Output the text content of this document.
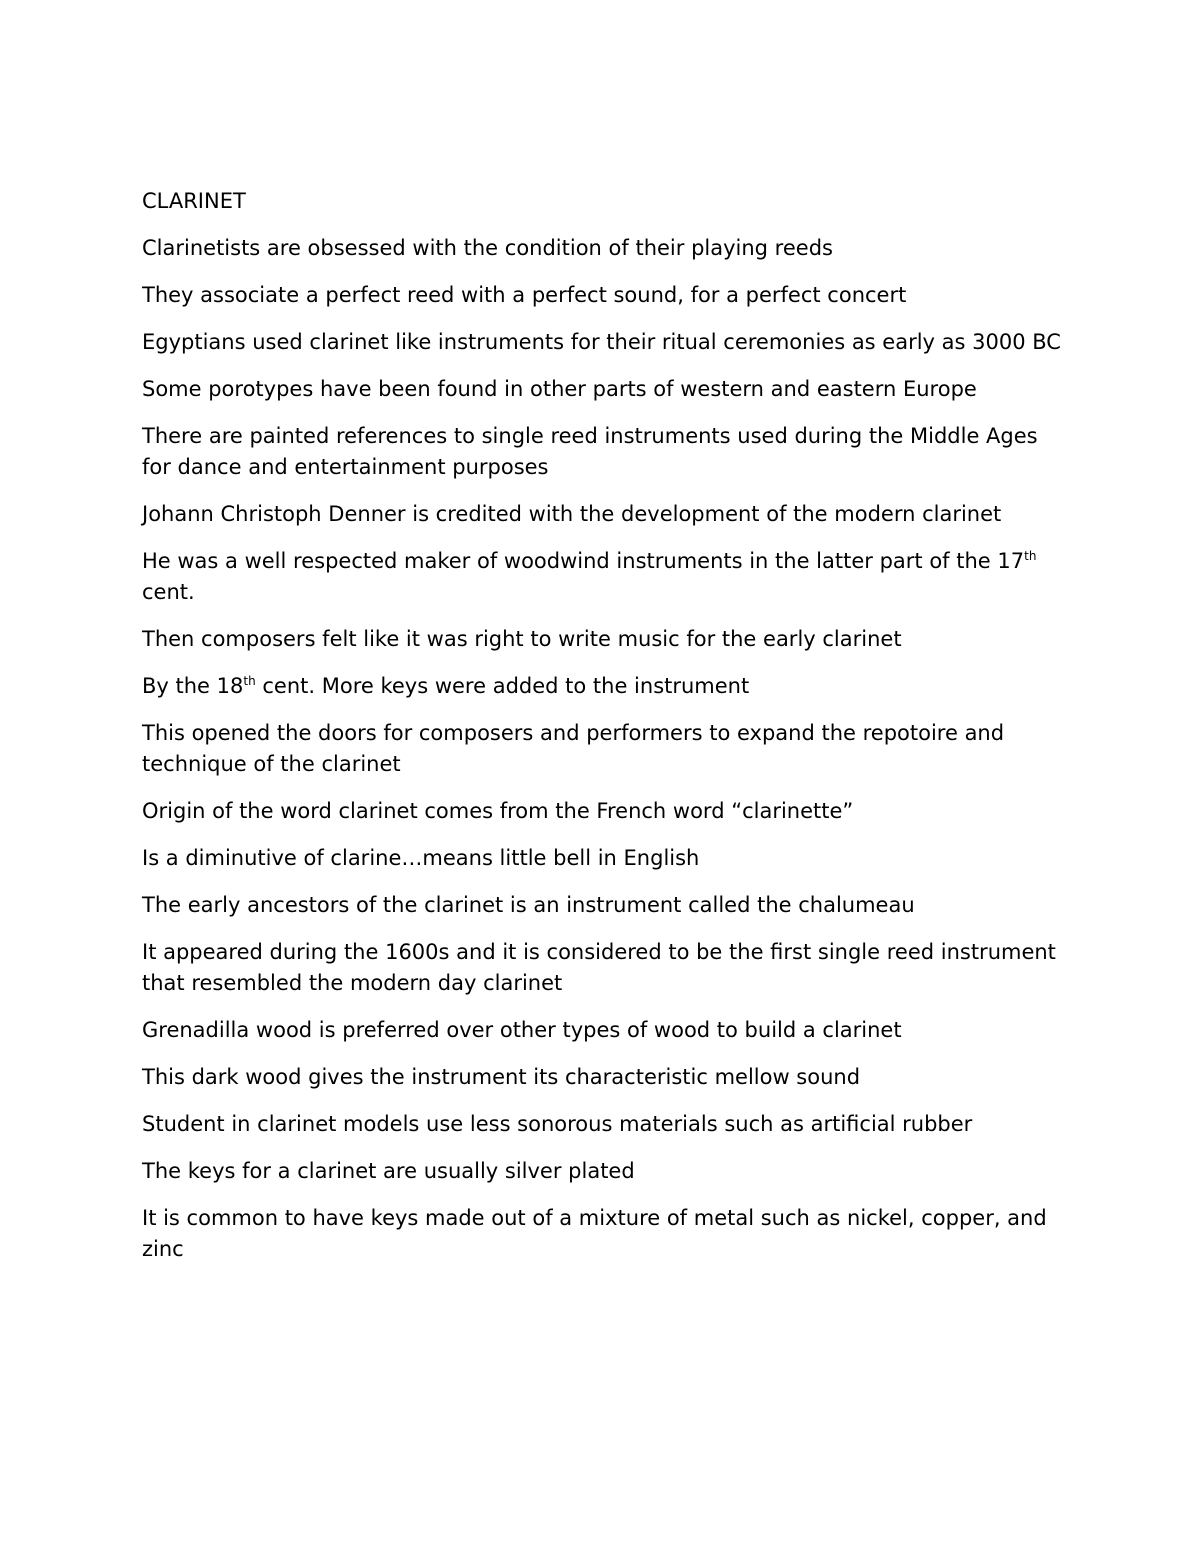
CLARINET

Clarinetists are obsessed with the condition of their playing reeds

They associate a perfect reed with a perfect sound, for a perfect concert

Egyptians used clarinet like instruments for their ritual ceremonies as early as 3000 BC

Some porotypes have been found in other parts of western and eastern Europe

There are painted references to single reed instruments used during the Middle Ages for dance and entertainment purposes

Johann Christoph Denner is credited with the development of the modern clarinet

He was a well respected maker of woodwind instruments in the latter part of the 17th cent.

Then composers felt like it was right to write music for the early clarinet

By the 18th cent. More keys were added to the instrument

This opened the doors for composers and performers to expand the repotoire and technique of the clarinet

Origin of the word clarinet comes from the French word “clarinette”

Is a diminutive of clarine…means little bell in English

The early ancestors of the clarinet is an instrument called the chalumeau

It appeared during the 1600s and it is considered to be the first single reed instrument that resembled the modern day clarinet

Grenadilla wood is preferred over other types of wood to build a clarinet

This dark wood gives the instrument its characteristic mellow sound

Student in clarinet models use less sonorous materials such as artificial rubber

The keys for a clarinet are usually silver plated

It is common to have keys made out of a mixture of metal such as nickel, copper, and zinc
